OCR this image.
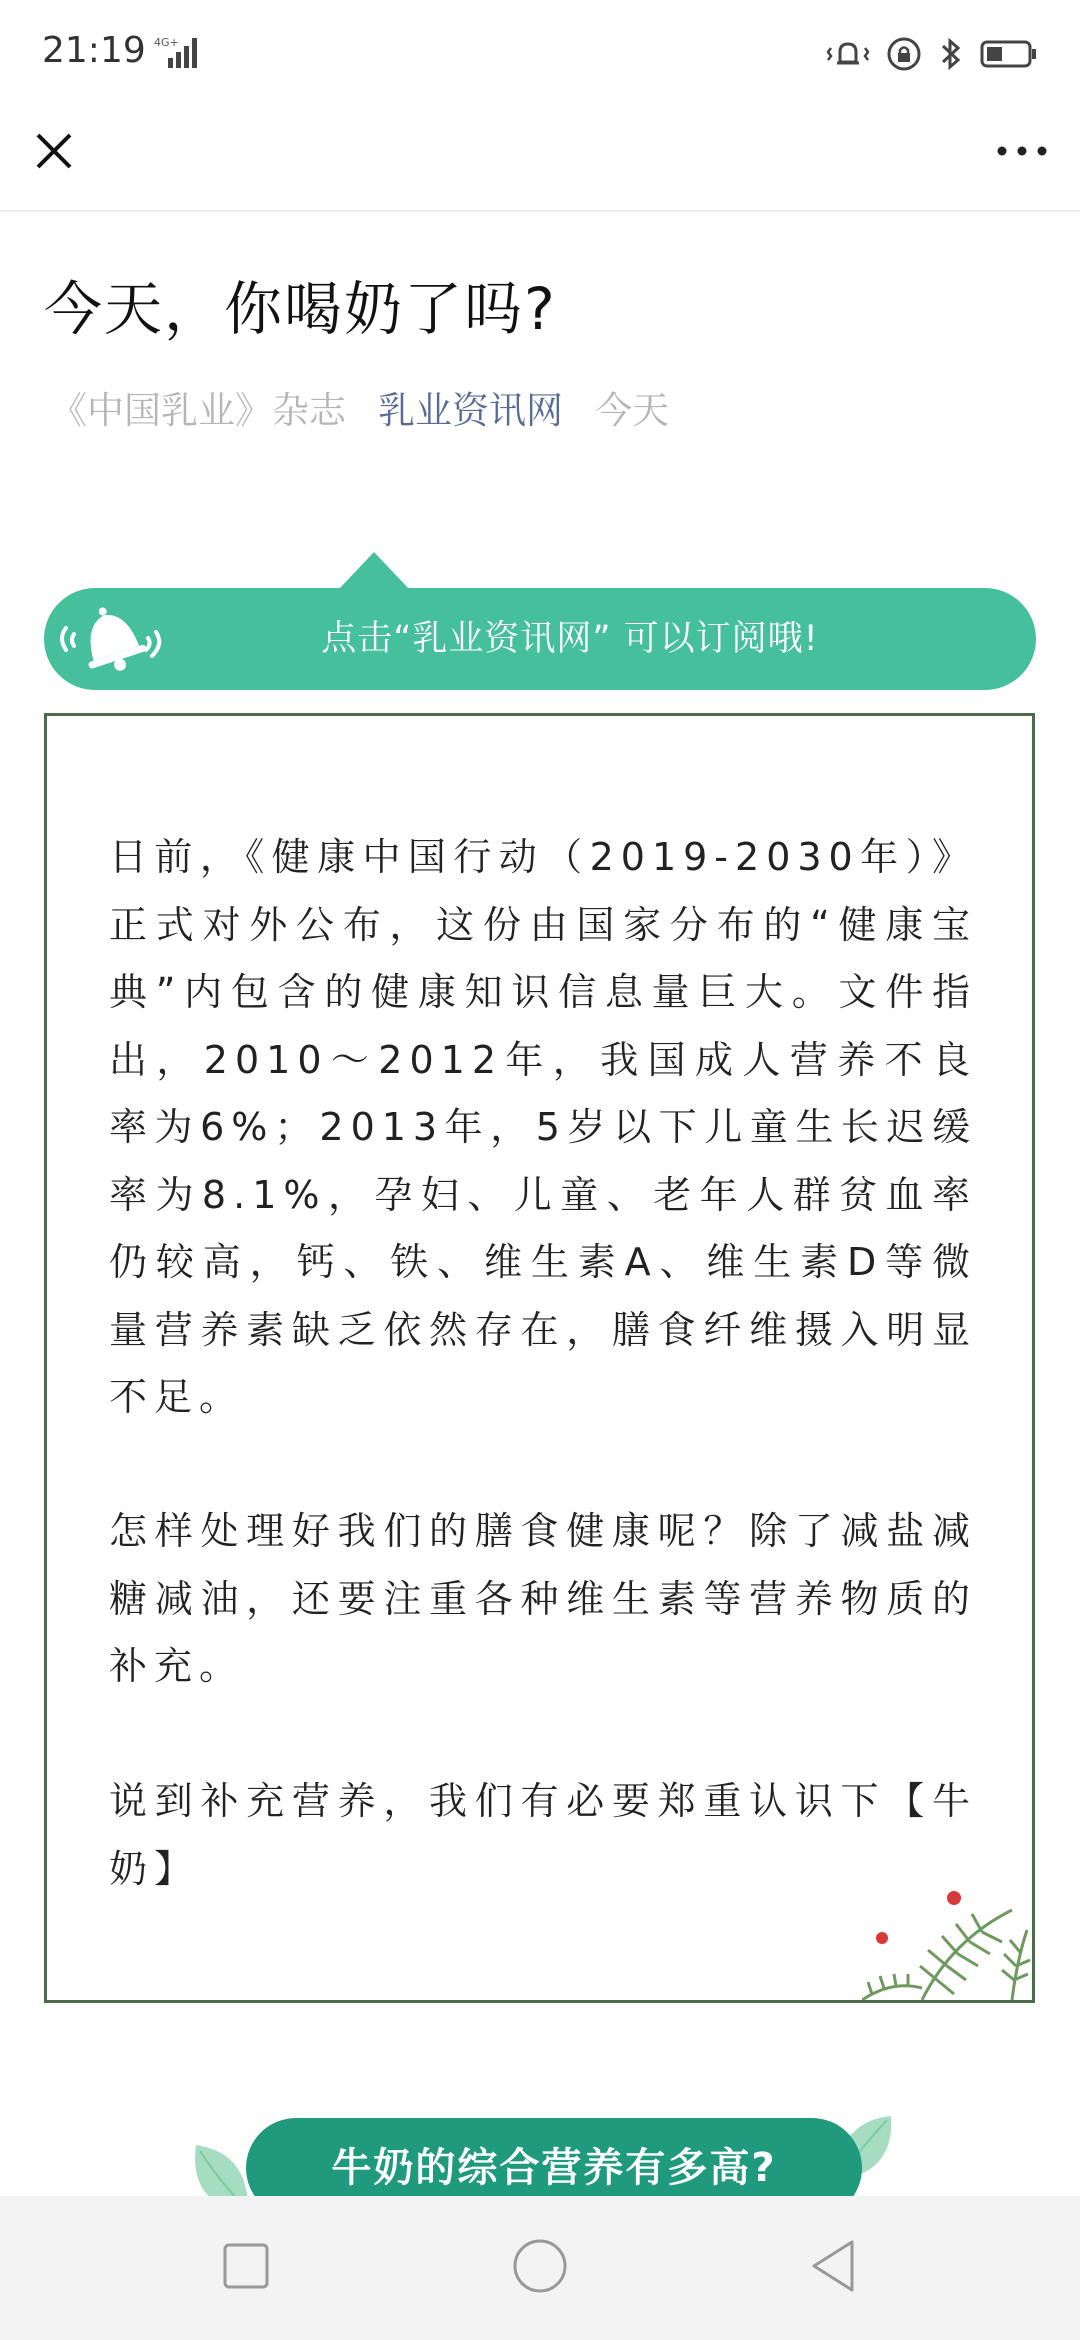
21:19 4G+
今天，你喝奶了吗?
《中国乳业》杂志 乳业资讯网 今天
点击“乳业资讯网” 可以订阅哦!

日前，《健康中国行动（2019-2030年）》正式对外公布，这份由国家分布的“健康宝典”内包含的健康知识信息量巨大。文件指出，2010～2012年，我国成人营养不良率为6%；2013年，5岁以下儿童生长迟缓率为8.1%，孕妇、儿童、老年人群贫血率仍较高，钙、铁、维生素A、维生素D等微量营养素缺乏依然存在，膳食纤维摄入明显不足。

怎样处理好我们的膳食健康呢？除了减盐减糖减油，还要注重各种维生素等营养物质的补充。

说到补充营养，我们有必要郑重认识下【牛奶】

牛奶的综合营养有多高?
